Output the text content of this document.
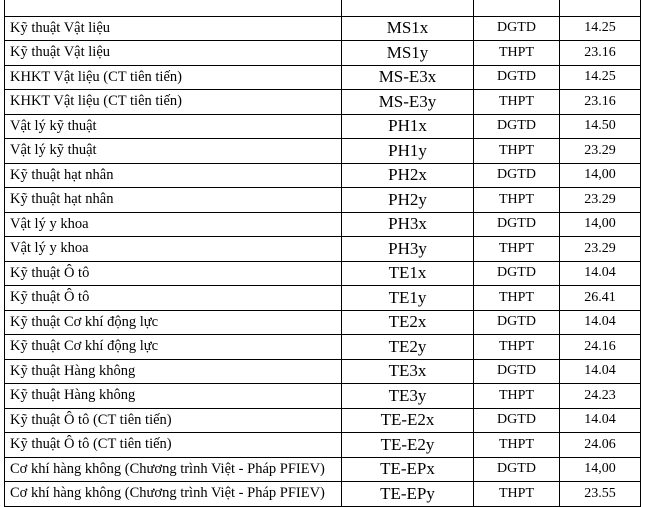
Kỹ thuật Vật liệu	MS1x	DGTD	14.25
Kỹ thuật Vật liệu	MS1y	THPT	23.16
KHKT Vật liệu (CT tiên tiến)	MS-E3x	DGTD	14.25
KHKT Vật liệu (CT tiên tiến)	MS-E3y	THPT	23.16
Vật lý kỹ thuật	PH1x	DGTD	14.50
Vật lý kỹ thuật	PH1y	THPT	23.29
Kỹ thuật hạt nhân	PH2x	DGTD	14,00
Kỹ thuật hạt nhân	PH2y	THPT	23.29
Vật lý y khoa	PH3x	DGTD	14,00
Vật lý y khoa	PH3y	THPT	23.29
Kỹ thuật Ô tô	TE1x	DGTD	14.04
Kỹ thuật Ô tô	TE1y	THPT	26.41
Kỹ thuật Cơ khí động lực	TE2x	DGTD	14.04
Kỹ thuật Cơ khí động lực	TE2y	THPT	24.16
Kỹ thuật Hàng không	TE3x	DGTD	14.04
Kỹ thuật Hàng không	TE3y	THPT	24.23
Kỹ thuật Ô tô (CT tiên tiến)	TE-E2x	DGTD	14.04
Kỹ thuật Ô tô (CT tiên tiến)	TE-E2y	THPT	24.06
Cơ khí hàng không (Chương trình Việt - Pháp PFIEV)	TE-EPx	DGTD	14,00
Cơ khí hàng không (Chương trình Việt - Pháp PFIEV)	TE-EPy	THPT	23.55
